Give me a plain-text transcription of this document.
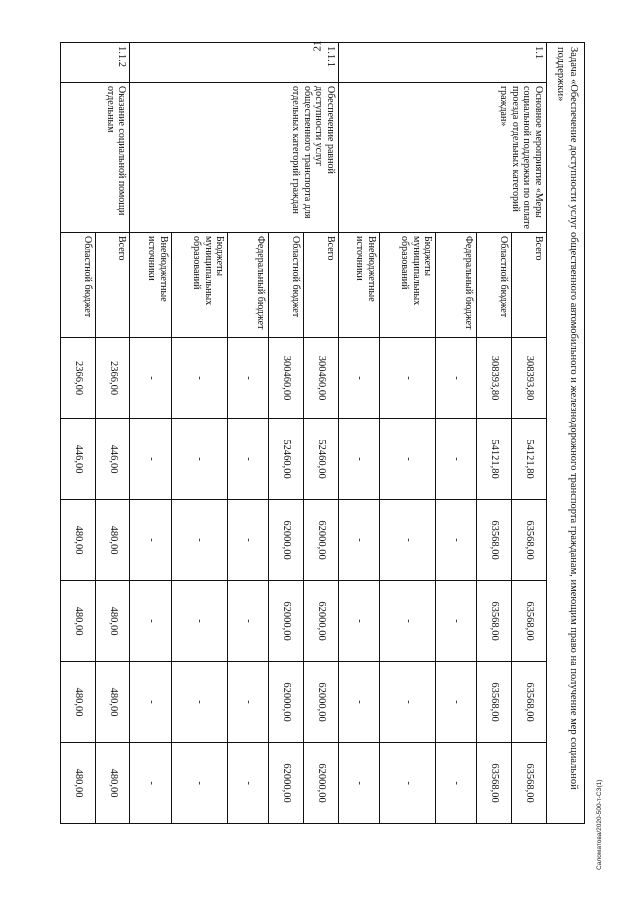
21
Саломатова/2020-500-т-СЗ(1)
Задача «Обеспечение доступности услуг общественного автомобильного и железнодорожного транспорта гражданам, имеющим право на получение мер социальной поддержки»								
1.1	Основное мероприятие «Меры социальной поддержки по оплате проезда отдельных категорий граждан»	Всего	308393,80	54121,80	63568,00	63568,00	63568,00	63568,00
		Областной бюджет	308393,80	54121,80	63568,00	63568,00	63568,00	63568,00
		Федеральный бюджет	-	-	-	-	-	-
		Бюджеты муниципальных образований	-	-	-	-	-	-
		Внебюджетные источники	-	-	-	-	-	-
1.1.1	Обеспечение равной доступности услуг общественного транспорта для отдельных категорий граждан	Всего	300460,00	52460,00	62000,00	62000,00	62000,00	62000,00
		Областной бюджет	300460,00	52460,00	62000,00	62000,00	62000,00	62000,00
		Федеральный бюджет	-	-	-	-	-	-
		Бюджеты муниципальных образований	-	-	-	-	-	-
		Внебюджетные источники	-	-	-	-	-	-
1.1.2	Оказание социальной помощи отдельным	Всего	2366,00	446,00	480,00	480,00	480,00	480,00
		Областной бюджет	2366,00	446,00	480,00	480,00	480,00	480,00
